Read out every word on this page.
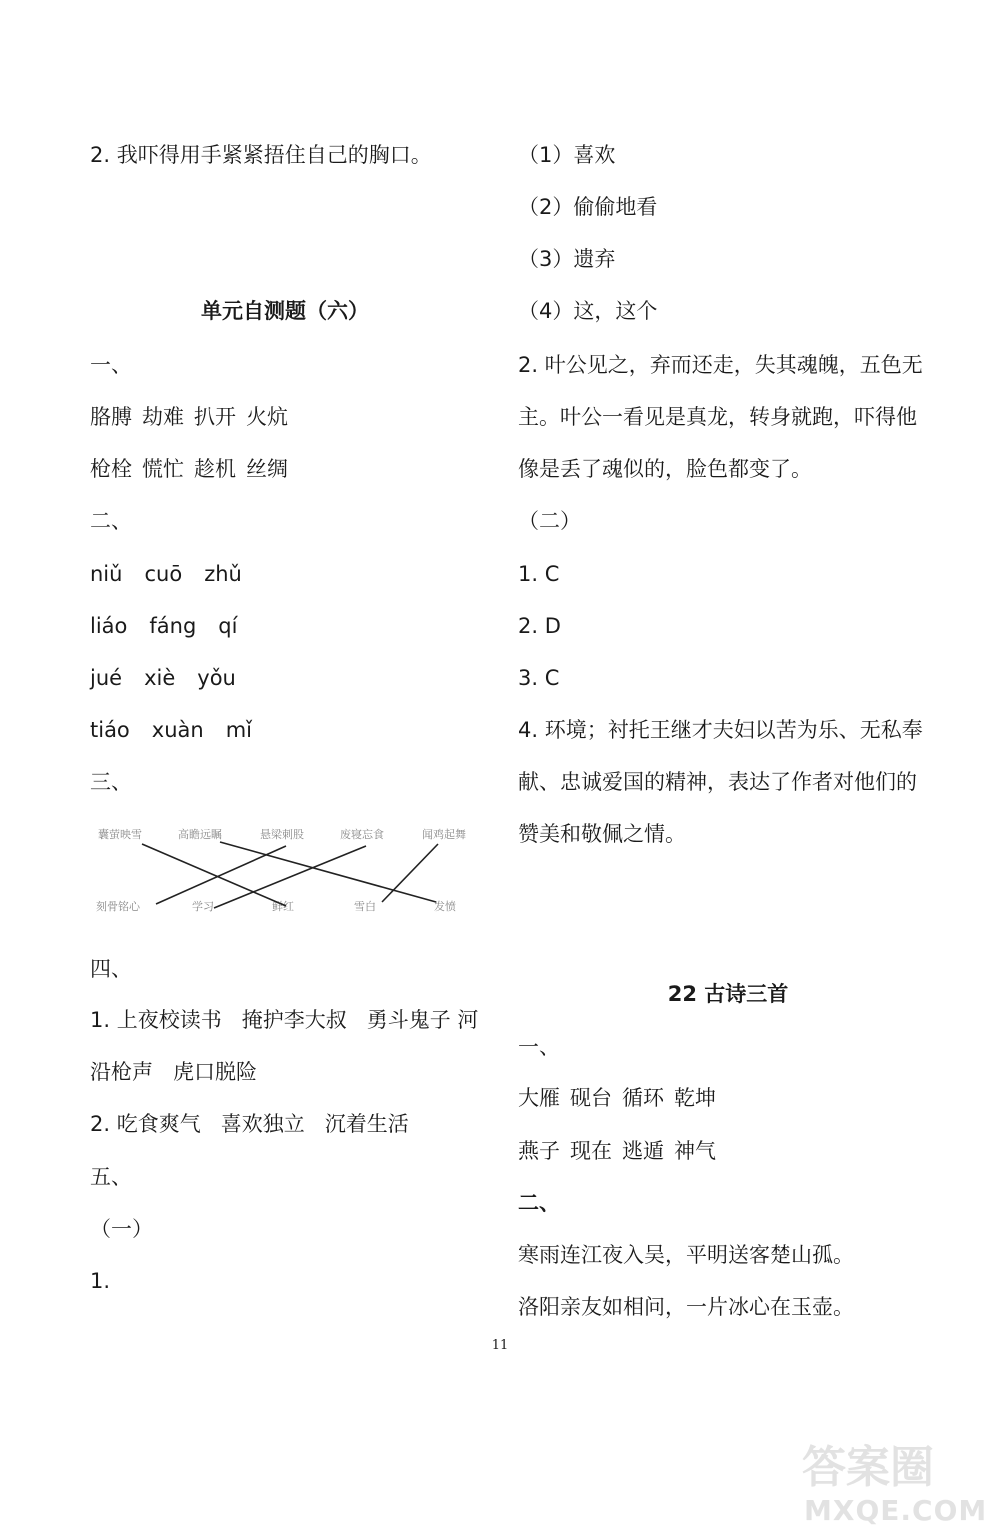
2. 我吓得用手紧紧捂住自己的胸口。
单元自测题（六）
一、
胳膊 劫难 扒开 火炕
枪栓 慌忙 趁机 丝绸
二、
niǔ cuō zhǔ
liáo fáng qí
jué xiè yǒu
tiáo xuàn mǐ
三、
四、
1. 上夜校读书 掩护李大叔 勇斗鬼子 河
沿枪声 虎口脱险
2. 吃食爽气 喜欢独立 沉着生活
五、
（一）
1.
囊萤映雪	高瞻远瞩	悬梁刺股	废寝忘食	闻鸡起舞
刻骨铭心	学习	鲜红	雪白	发愤
（1）喜欢
（2）偷偷地看
（3）遗弃
（4）这，这个
2. 叶公见之，弃而还走，失其魂魄，五色无
主。叶公一看见是真龙，转身就跑，吓得他
像是丢了魂似的，脸色都变了。
（二）
1. C
2. D
3. C
4. 环境；衬托王继才夫妇以苦为乐、无私奉
献、忠诚爱国的精神，表达了作者对他们的
赞美和敬佩之情。
22 古诗三首
一、
大雁 砚台 循环 乾坤
燕子 现在 逃遁 神气
二、
寒雨连江夜入吴，平明送客楚山孤。
洛阳亲友如相问，一片冰心在玉壶。
11
答案圈
MXQE.COM
